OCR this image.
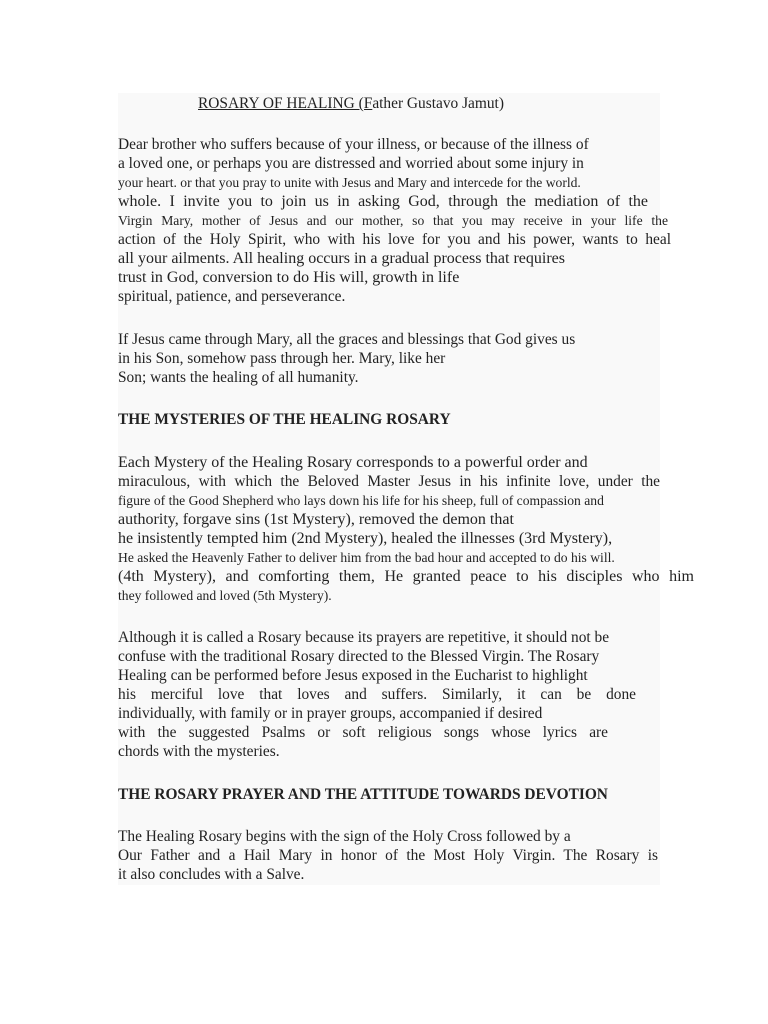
ROSARY OF HEALING (Father Gustavo Jamut)

Dear brother who suffers because of your illness, or because of the illness of

a loved one, or perhaps you are distressed and worried about some injury in

your heart. or that you pray to unite with Jesus and Mary and intercede for the world.

whole. I invite you to join us in asking God, through the mediation of the

Virgin Mary, mother of Jesus and our mother, so that you may receive in your life the

action of the Holy Spirit, who with his love for you and his power, wants to heal

all your ailments. All healing occurs in a gradual process that requires

trust in God, conversion to do His will, growth in life

spiritual, patience, and perseverance.

If Jesus came through Mary, all the graces and blessings that God gives us

in his Son, somehow pass through her. Mary, like her

Son; wants the healing of all humanity.

THE MYSTERIES OF THE HEALING ROSARY

Each Mystery of the Healing Rosary corresponds to a powerful order and

miraculous, with which the Beloved Master Jesus in his infinite love, under the

figure of the Good Shepherd who lays down his life for his sheep, full of compassion and

authority, forgave sins (1st Mystery), removed the demon that

he insistently tempted him (2nd Mystery), healed the illnesses (3rd Mystery),

He asked the Heavenly Father to deliver him from the bad hour and accepted to do his will.

(4th Mystery), and comforting them, He granted peace to his disciples who him

they followed and loved (5th Mystery).

Although it is called a Rosary because its prayers are repetitive, it should not be

confuse with the traditional Rosary directed to the Blessed Virgin. The Rosary

Healing can be performed before Jesus exposed in the Eucharist to highlight

his merciful love that loves and suffers. Similarly, it can be done

individually, with family or in prayer groups, accompanied if desired

with the suggested Psalms or soft religious songs whose lyrics are

chords with the mysteries.

THE ROSARY PRAYER AND THE ATTITUDE TOWARDS DEVOTION

The Healing Rosary begins with the sign of the Holy Cross followed by a

Our Father and a Hail Mary in honor of the Most Holy Virgin. The Rosary is

it also concludes with a Salve.
